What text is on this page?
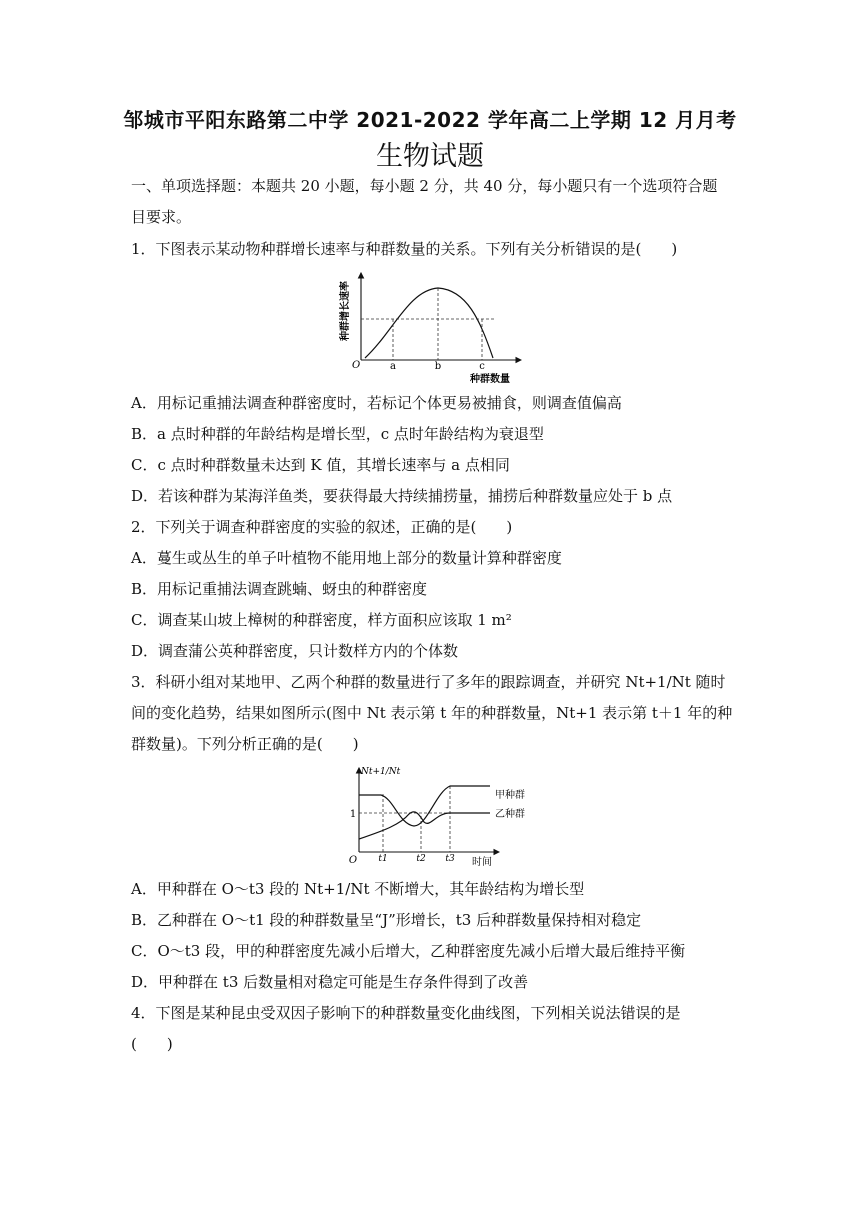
邹城市平阳东路第二中学 2021-2022 学年高二上学期 12 月月考
生物试题
一、单项选择题：本题共 20 小题，每小题 2 分，共 40 分，每小题只有一个选项符合题
目要求。
1．下图表示某动物种群增长速率与种群数量的关系。下列有关分析错误的是(　　)
种群增长速率
O	a	b	c
种群数量
A．用标记重捕法调查种群密度时，若标记个体更易被捕食，则调查值偏高
B．a 点时种群的年龄结构是增长型，c 点时年龄结构为衰退型
C．c 点时种群数量未达到 K 值，其增长速率与 a 点相同
D．若该种群为某海洋鱼类，要获得最大持续捕捞量，捕捞后种群数量应处于 b 点
2．下列关于调查种群密度的实验的叙述，正确的是(　　)
A．蔓生或丛生的单子叶植物不能用地上部分的数量计算种群密度
B．用标记重捕法调查跳蝻、蚜虫的种群密度
C．调查某山坡上樟树的种群密度，样方面积应该取 1 m²
D．调查蒲公英种群密度，只计数样方内的个体数
3．科研小组对某地甲、乙两个种群的数量进行了多年的跟踪调查，并研究 Nt+1/Nt 随时
间的变化趋势，结果如图所示(图中 Nt 表示第 t 年的种群数量，Nt+1 表示第 t＋1 年的种
群数量)。下列分析正确的是(　　)
Nt+1/Nt
1
O t1	t2 t3 时间
甲种群
乙种群
A．甲种群在 O～t3 段的 Nt+1/Nt 不断增大，其年龄结构为增长型
B．乙种群在 O～t1 段的种群数量呈“J”形增长，t3 后种群数量保持相对稳定
C．O～t3 段，甲的种群密度先减小后增大，乙种群密度先减小后增大最后维持平衡
D．甲种群在 t3 后数量相对稳定可能是生存条件得到了改善
4．下图是某种昆虫受双因子影响下的种群数量变化曲线图，下列相关说法错误的是
(　　)
